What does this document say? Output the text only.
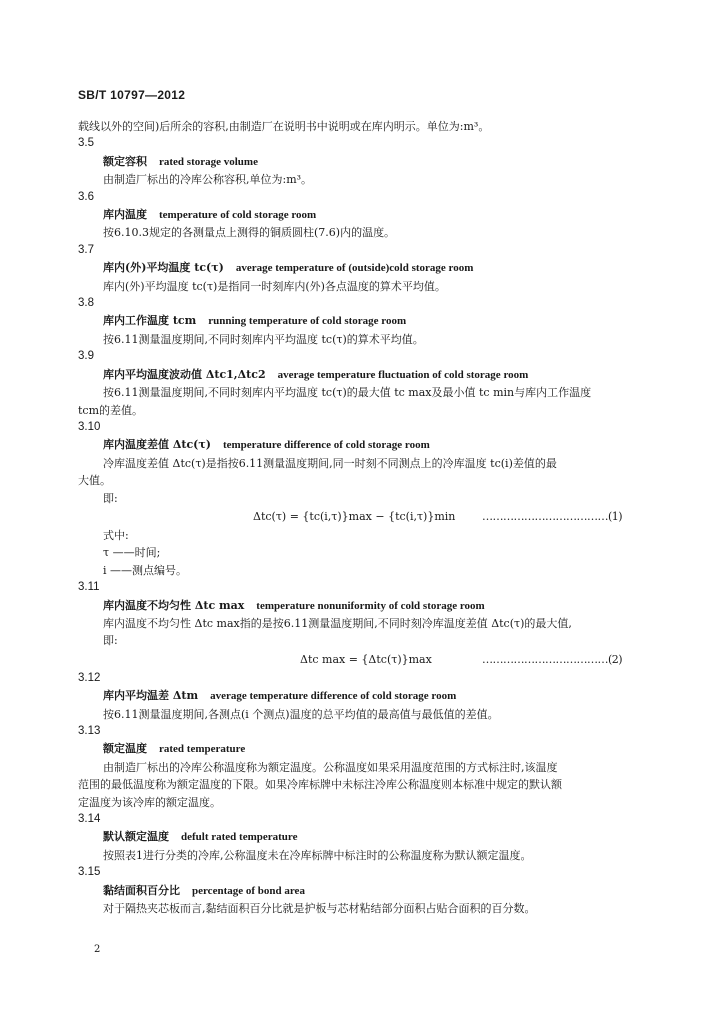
SB/T 10797—2012
载线以外的空间)后所余的容积,由制造厂在说明书中说明或在库内明示。单位为:m³。
3.5
额定容积 rated storage volume
由制造厂标出的冷库公称容积,单位为:m³。
3.6
库内温度 temperature of cold storage room
按6.10.3规定的各测量点上测得的铜质圆柱(7.6)内的温度。
3.7
库内(外)平均温度 tc(τ) average temperature of (outside)cold storage room
库内(外)平均温度 tc(τ)是指同一时刻库内(外)各点温度的算术平均值。
3.8
库内工作温度 tcm running temperature of cold storage room
按6.11测量温度期间,不同时刻库内平均温度 tc(τ)的算术平均值。
3.9
库内平均温度波动值 Δtc1,Δtc2 average temperature fluctuation of cold storage room
按6.11测量温度期间,不同时刻库内平均温度 tc(τ)的最大值 tc max及最小值 tc min与库内工作温度
tcm的差值。
3.10
库内温度差值 Δtc(τ) temperature difference of cold storage room
冷库温度差值 Δtc(τ)是指按6.11测量温度期间,同一时刻不同测点上的冷库温度 tc(i)差值的最
大值。
即:
Δtc(τ) = {tc(i,τ)}max − {tc(i,τ)}min ………………………………(1)
式中:
τ ——时间;
i ——测点编号。
3.11
库内温度不均匀性 Δtc max temperature nonuniformity of cold storage room
库内温度不均匀性 Δtc max指的是按6.11测量温度期间,不同时刻冷库温度差值 Δtc(τ)的最大值,
即:
Δtc max = {Δtc(τ)}max	………………………………(2)
3.12
库内平均温差 Δtm average temperature difference of cold storage room
按6.11测量温度期间,各测点(i 个测点)温度的总平均值的最高值与最低值的差值。
3.13
额定温度 rated temperature
由制造厂标出的冷库公称温度称为额定温度。公称温度如果采用温度范围的方式标注时,该温度
范围的最低温度称为额定温度的下限。如果冷库标牌中未标注冷库公称温度则本标准中规定的默认额
定温度为该冷库的额定温度。
3.14
默认额定温度 defult rated temperature
按照表1进行分类的冷库,公称温度未在冷库标牌中标注时的公称温度称为默认额定温度。
3.15
黏结面积百分比 percentage of bond area
对于隔热夹芯板而言,黏结面积百分比就是护板与芯材粘结部分面积占贴合面积的百分数。
2
